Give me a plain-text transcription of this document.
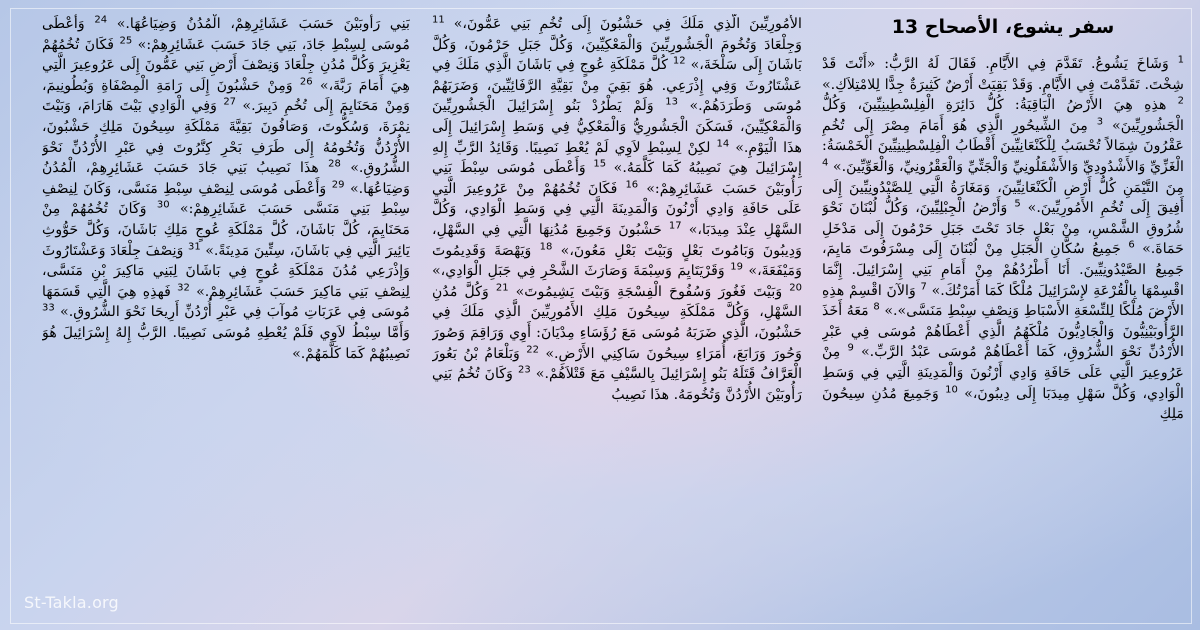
سفر يشوع، الأصحاح 13
$^1$ وَشَاخَ يَشُوعُ. تَقَدَّمَ فِي الأَيَّامِ. فَقَالَ لَهُ الرَّبُّ: «أَنْتَ قَدْ شِخْتَ. تَقَدَّمْتَ فِي الأَيَّامِ. وَقَدْ بَقِيَتْ أَرْضٌ كَثِيرَةٌ جِدًّا لِلامْتِلاَكِ.» $^2$ هذِهِ هِيَ الأَرْضُ الْبَاقِيَةُ: كُلُّ دَائِرَةِ الْفِلِسْطِينِيِّينَ، وَكُلُّ الْجَشُورِيِّينَ» $^3$ مِنَ الشِّيحُورِ الَّذِي هُوَ أَمَامَ مِصْرَ إِلَى تُخُمِ عَقْرُونَ شِمَالاً تُحْسَبُ لِلْكَنْعَانِيِّينَ أَقْطَابُ الْفِلِسْطِينِيِّينَ الْخَمْسَةُ: الْغَزِّيِّ وَالأَشْدُودِيِّ وَالأَشْقَلُونِيِّ وَالْجَتِّيِّ وَالْعَقْرُونِيِّ، وَالْعَوِّيِّينَ.» $^4$ مِنَ التَّيْمَنِ كُلُّ أَرْضِ الْكَنْعَانِيِّينَ، وَمَغَارَةُ الَّتِي لِلصَّيْدُونِيِّينَ إِلَى أَفِيقَ إِلَى تُخُمِ الأَمُورِيِّينَ.» $^5$ وَأَرْضُ الْجِبْلِيِّينَ، وَكُلُّ لُبْنَانَ نَحْوَ شُرُوقِ الشَّمْسِ، مِنْ بَعْلِ جَادَ تَحْتَ جَبَلِ حَرْمُونَ إِلَى مَدْخَلِ حَمَاةَ.» $^6$ جَمِيعُ سُكَّانِ الْجَبَلِ مِنْ لُبْنَانَ إِلَى مِسْرَفُوتَ مَايِمَ، جَمِيعُ الصَّيْدُونِيِّينَ. أَنَا أَطْرُدُهُمْ مِنْ أَمَامِ بَنِي إِسْرَائِيلَ. إِنَّمَا اقْسِمْهَا بِالْقُرْعَةِ لإِسْرَائِيلَ مُلْكًا كَمَا أَمَرْتُكَ.» $^7$ وَالآنَ اقْسِمْ هذِهِ الأَرْضَ مُلْكًا لِلتِّسْعَةِ الأَسْبَاطِ وَنِصْفِ سِبْطِ مَنَسَّى».» $^8$ مَعَهُ أَخَذَ الرَّأُوبَيْنِيُّونَ وَالْجَادِيُّونَ مُلْكَهُمُ الَّذِي أَعْطَاهُمْ مُوسَى فِي عَبْرِ الأُرْدُنِّ نَحْوَ الشُّرُوقِ، كَمَا أَعْطَاهُمْ مُوسَى عَبْدُ الرَّبِّ.» $^9$ مِنْ عَرُوعِيرَ الَّتِي عَلَى حَافَةِ وَادِي أَرْنُونَ وَالْمَدِينَةِ الَّتِي فِي وَسَطِ الْوَادِي، وَكُلَّ سَهْلِ مِيدَبَا إِلَى دِيبُونَ،» $^{10}$ وَجَمِيعَ مُدُنِ سِيحُونَ مَلِكِ
الأَمُورِيِّينَ الَّذِي مَلَكَ فِي حَشْبُونَ إِلَى تُخُمِ بَنِي عَمُّونَ،» $^{11}$ وَجِلْعَادَ وَتُخُومَ الْجَشُورِيِّينَ وَالْمَعْكِيِّينَ، وَكُلَّ جَبَلِ حَرْمُونَ، وَكُلَّ بَاشَانَ إِلَى سَلْخَةَ،» $^{12}$ كُلَّ مَمْلَكَةِ عُوجٍ فِي بَاشَانَ الَّذِي مَلَكَ فِي عَشْتَارُوثَ وَفِي إِذْرَعِي. هُوَ بَقِيَ مِنْ بَقِيَّةِ الرَّفَائِيِّينَ، وَضَرَبَهُمْ مُوسَى وَطَرَدَهُمْ.» $^{13}$ وَلَمْ يَطْرُدْ بَنُو إِسْرَائِيلَ الْجَشُورِيِّينَ وَالْمَعْكِيِّينَ، فَسَكَنَ الْجَشُورِيُّ وَالْمَعْكِيُّ فِي وَسَطِ إِسْرَائِيلَ إِلَى هذَا الْيَوْمِ.» $^{14}$ لكِنْ لِسِبْطِ لاَوِي لَمْ يُعْطِ نَصِيبًا. وَقَائِدُ الرَّبِّ إِلهِ إِسْرَائِيلَ هِيَ نَصِيبُهُ كَمَا كَلَّمَهُ.» $^{15}$ وَأَعْطَى مُوسَى سِبْطَ بَنِي رَأُوبَيْنَ حَسَبَ عَشَائِرِهِمْ:» $^{16}$ فَكَانَ تُخُمُهُمْ مِنْ عَرُوعِيرَ الَّتِي عَلَى حَافَةِ وَادِي أَرْنُونَ وَالْمَدِينَةَ الَّتِي فِي وَسَطِ الْوَادِي، وَكُلَّ السَّهْلِ عِنْدَ مِيدَبَا،» $^{17}$ حَشْبُونَ وَجَمِيعَ مُدُنِهَا الَّتِي فِي السَّهْلِ، وَدِيبُونَ وَبَامُوتَ بَعْلٍ وَبَيْتَ بَعْلِ مَعُونَ،» $^{18}$ وَيَهْصَةَ وَقَدِيمُوتَ وَمَيْفَعَةَ،» $^{19}$ وَقَرْيَتَايِمَ وَسِبْمَةَ وَصَارَثَ الشَّحْرِ فِي جَبَلِ الْوَادِي،» $^{20}$ وَبَيْتَ فَغُورَ وَسُفُوحَ الْفِسْجَةِ وَبَيْتَ يَشِيمُوتَ» $^{21}$ وَكُلَّ مُدُنِ السَّهْلِ، وَكُلَّ مَمْلَكَةِ سِيحُونَ مَلِكِ الأَمُورِيِّينَ الَّذِي مَلَكَ فِي حَشْبُونَ، الَّذِي ضَرَبَهُ مُوسَى مَعَ رُؤَسَاءِ مِدْيَانَ: أَوِي وَرَاقِمَ وَصُورَ وَحُورَ وَرَابَعَ، أُمَرَاءِ سِيحُونَ سَاكِنِي الأَرْضِ.» $^{22}$ وَبَلْعَامُ بْنُ بَعُورَ الْعَرَّافُ قَتَلَهُ بَنُو إِسْرَائِيلَ بِالسَّيْفِ مَعَ قَتْلاَهُمْ.» $^{23}$ وَكَانَ تُخُمُ بَنِي رَأُوبَيْنَ الأُرْدُنَّ وَتُخُومَهُ. هذَا نَصِيبُ
بَنِي رَأُوبَيْنَ حَسَبَ عَشَائِرِهِمْ، الْمُدُنُ وَضِيَاعُهَا.» $^{24}$ وَأَعْطَى مُوسَى لِسِبْطِ جَادَ، بَنِي جَادَ حَسَبَ عَشَائِرِهِمْ:» $^{25}$ فَكَانَ تُخُمُهُمْ يَعْزِيرَ وَكُلَّ مُدُنِ جِلْعَادَ وَنِصْفَ أَرْضِ بَنِي عَمُّونَ إِلَى عَرُوعِيرَ الَّتِي هِيَ أَمَامَ رَبَّةَ،» $^{26}$ وَمِنْ حَشْبُونَ إِلَى رَامَةِ الْمِصْفَاةِ وَبُطُونِيمَ، وَمِنْ مَحَنَايِمَ إِلَى تُخُمِ دَبِيرَ.» $^{27}$ وَفِي الْوَادِي بَيْتَ هَارَامَ، وَبَيْتَ نِمْرَةَ، وَسُكُّوتَ، وَصَافُونَ بَقِيَّةَ مَمْلَكَةِ سِيحُونَ مَلِكِ حَشْبُونَ، الأُرْدُنُّ وَتُخُومُهُ إِلَى طَرَفِ بَحْرِ كِنَّرُوتَ فِي عَبْرِ الأُرْدُنِّ نَحْوَ الشُّرُوقِ.» $^{28}$ هذَا نَصِيبُ بَنِي جَادَ حَسَبَ عَشَائِرِهِمْ، الْمُدُنُ وَضِيَاعُهَا.» $^{29}$ وَأَعْطَى مُوسَى لِنِصْفِ سِبْطِ مَنَسَّى، وَكَانَ لِنِصْفِ سِبْطِ بَنِي مَنَسَّى حَسَبَ عَشَائِرِهِمْ:» $^{30}$ وَكَانَ تُخُمُهُمْ مِنْ مَحَنَايِمَ، كُلَّ بَاشَانَ، كُلَّ مَمْلَكَةِ عُوجٍ مَلِكِ بَاشَانَ، وَكُلَّ حَوُّوثِ يَائِيرَ الَّتِي فِي بَاشَانَ، سِتِّينَ مَدِينَةً.» $^{31}$ وَنِصْفَ جِلْعَادَ وَعَشْتَارُوثَ وَإِذْرَعِي مُدُنَ مَمْلَكَةِ عُوجٍ فِي بَاشَانَ لِبَنِي مَاكِيرَ بْنِ مَنَسَّى، لِنِصْفِ بَنِي مَاكِيرَ حَسَبَ عَشَائِرِهِمْ.» $^{32}$ فَهذِهِ هِيَ الَّتِي قَسَمَهَا مُوسَى فِي عَرَبَاتِ مُوآبَ فِي عَبْرِ أُرْدُنِّ أَرِيحَا نَحْوَ الشُّرُوقِ.» $^{33}$ وَأَمَّا سِبْطُ لاَوِي فَلَمْ يُعْطِهِ مُوسَى نَصِيبًا. الرَّبُّ إِلهُ إِسْرَائِيلَ هُوَ نَصِيبُهُمْ كَمَا كَلَّمَهُمْ.»
St-Takla.org
